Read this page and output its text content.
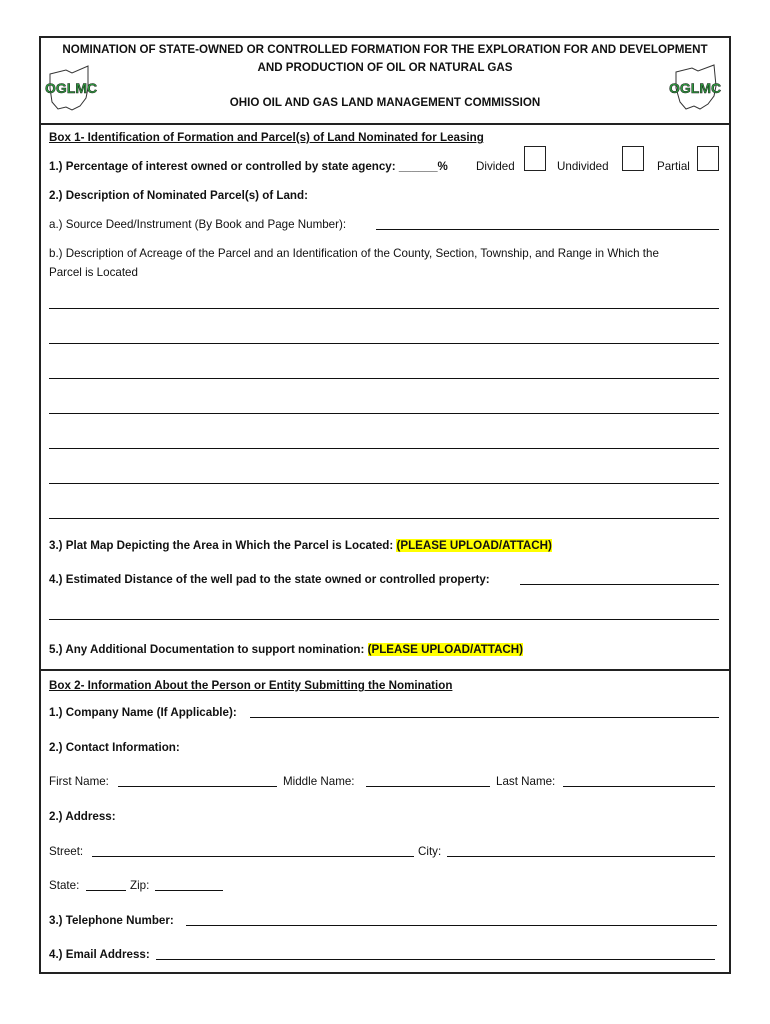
OGLMC	OGLMC
NOMINATION OF STATE-OWNED OR CONTROLLED FORMATION FOR THE EXPLORATION FOR AND DEVELOPMENT
AND PRODUCTION OF OIL OR NATURAL GAS
OHIO OIL AND GAS LAND MANAGEMENT COMMISSION
Box 1- Identification of Formation and Parcel(s) of Land Nominated for Leasing
1.) Percentage of interest owned or controlled by state agency: ______% Divided	Undivided	Partial
2.) Description of Nominated Parcel(s) of Land:
a.) Source Deed/Instrument (By Book and Page Number):
b.) Description of Acreage of the Parcel and an Identification of the County, Section, Township, and Range in Which the
Parcel is Located
3.) Plat Map Depicting the Area in Which the Parcel is Located: (PLEASE UPLOAD/ATTACH)
4.) Estimated Distance of the well pad to the state owned or controlled property:
5.) Any Additional Documentation to support nomination: (PLEASE UPLOAD/ATTACH)
Box 2- Information About the Person or Entity Submitting the Nomination
1.) Company Name (If Applicable):
2.) Contact Information:
First Name:	Middle Name:	Last Name:
2.) Address:
Street:	City:
State:	Zip:
3.) Telephone Number:
4.) Email Address:
